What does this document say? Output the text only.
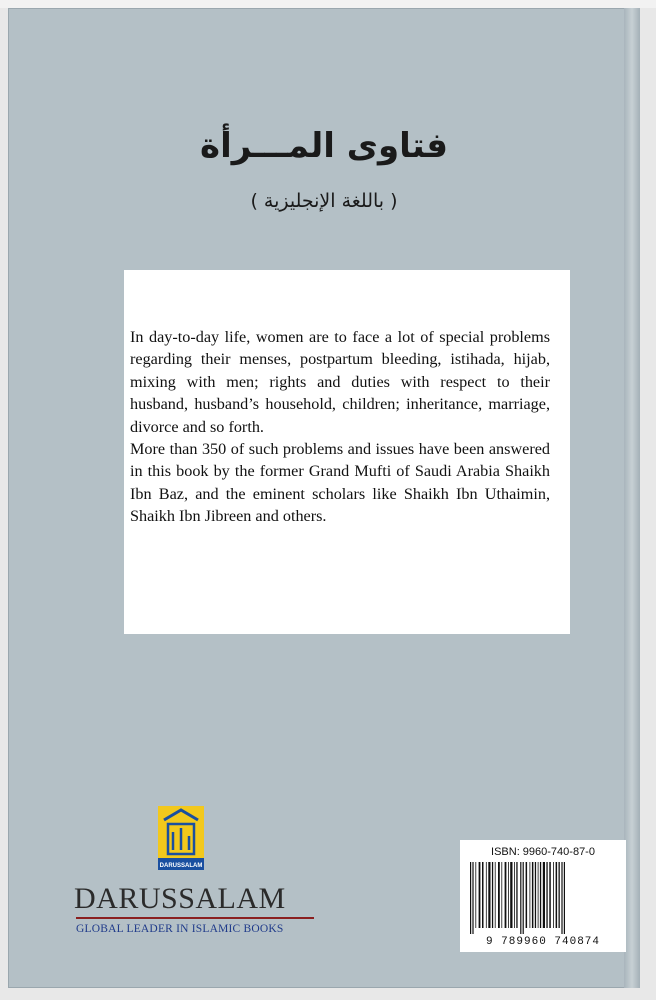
فتاوى المـــرأة
( باللغة الإنجليزية )

In day-to-day life, women are to face a lot of special problems regarding their menses, postpartum bleeding, istihada, hijab, mixing with men; rights and duties with respect to their husband, husband’s household, children; inheritance, marriage, divorce and so forth.

More than 350 of such problems and issues have been answered in this book by the former Grand Mufti of Saudi Arabia Shaikh Ibn Baz, and the eminent scholars like Shaikh Ibn Uthaimin, Shaikh Ibn Jibreen and others.

DARUSSALAM
DARUSSALAM
GLOBAL LEADER IN ISLAMIC BOOKS
ISBN: 9960-740-87-0
9 789960 740874
